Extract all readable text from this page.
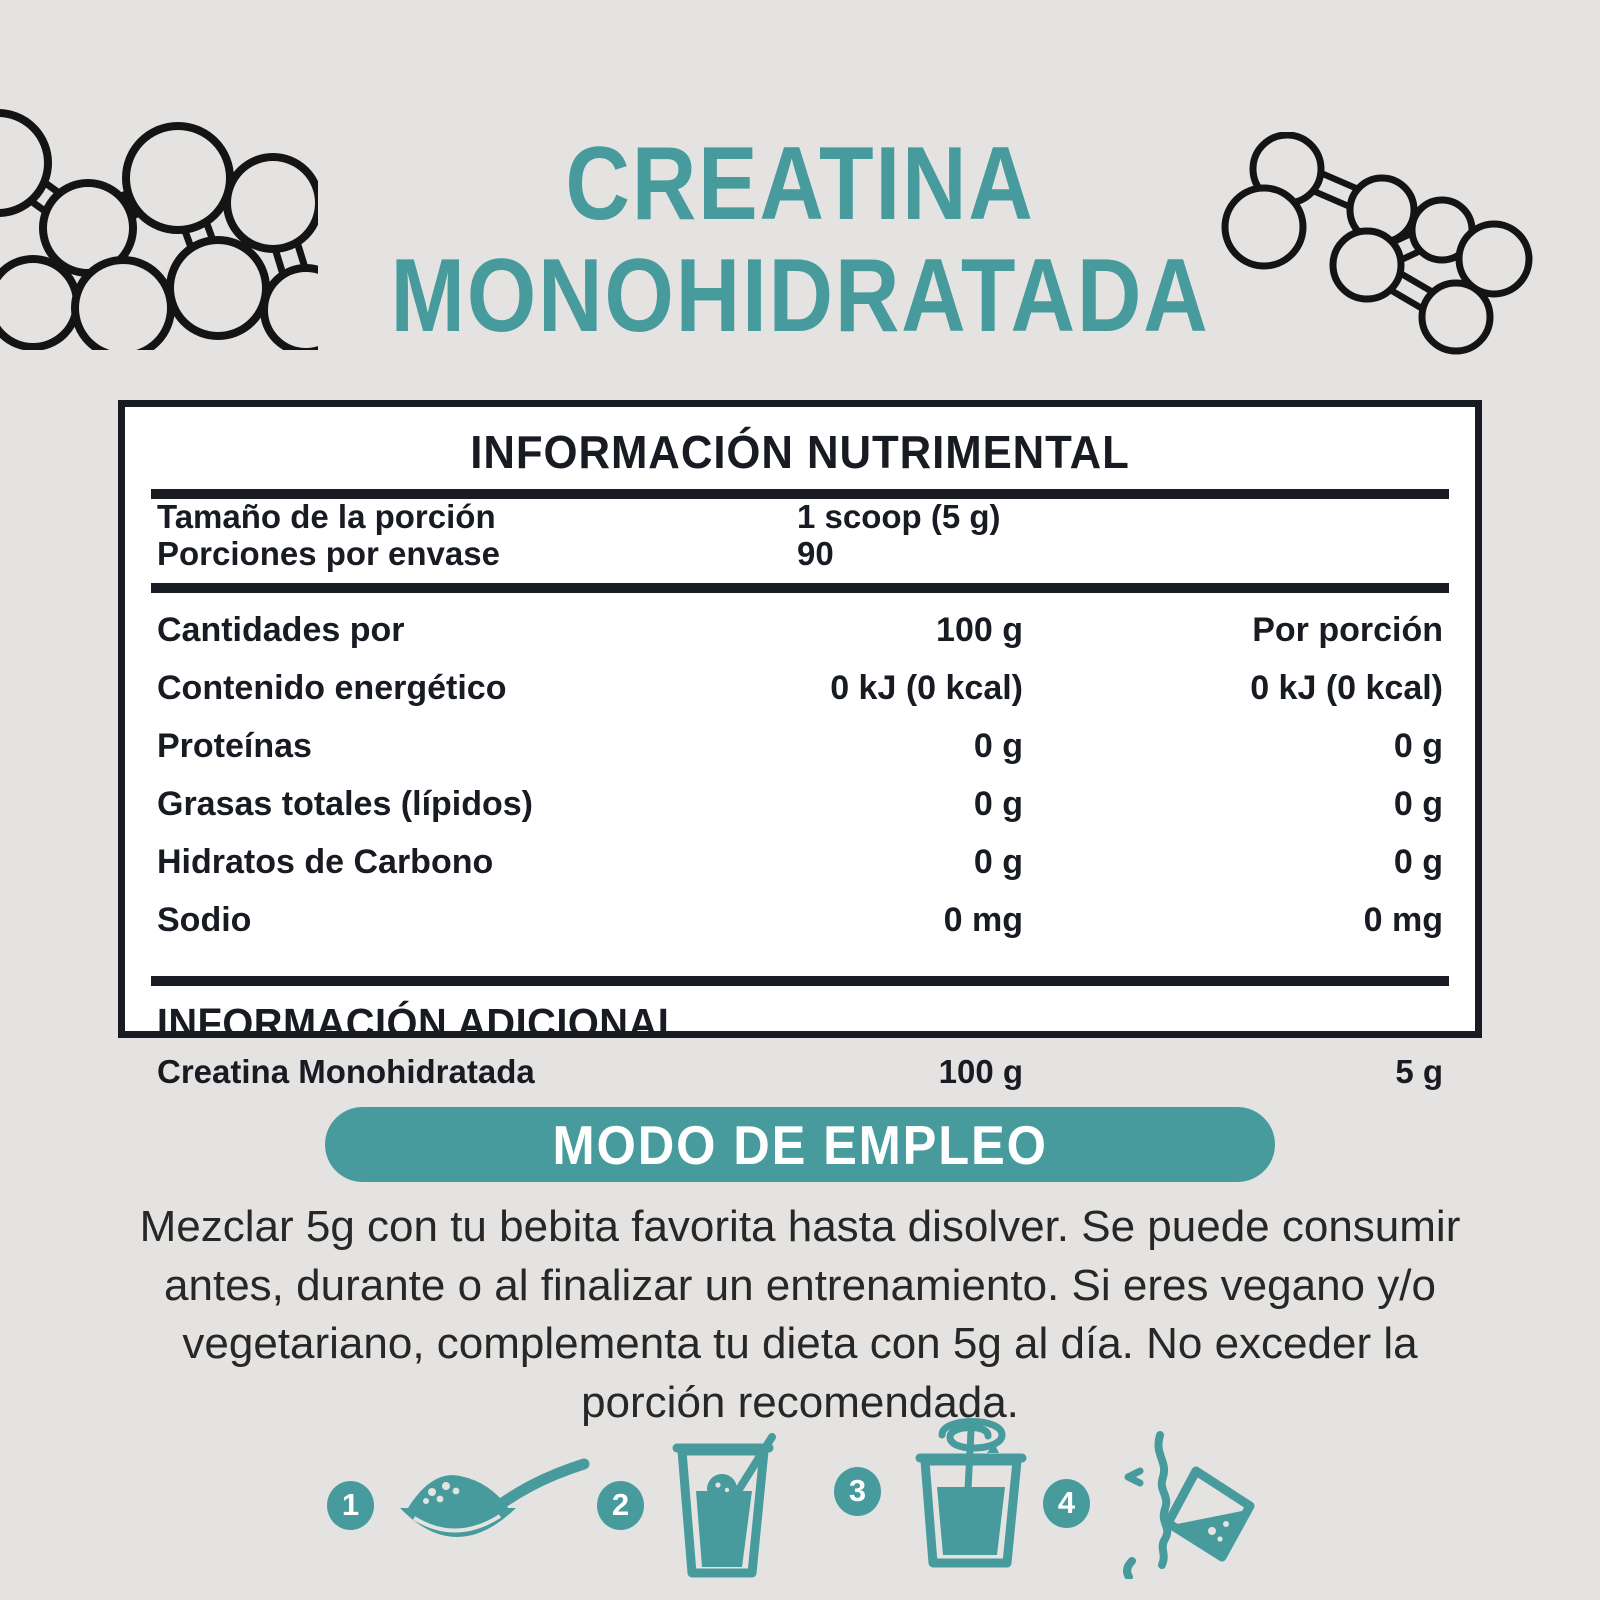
CREATINA
MONOHIDRATADA
INFORMACIÓN NUTRIMENTAL
Tamaño de la porción	1 scoop (5 g)
Porciones por envase	90
Cantidades por	100 g	Por porción
Contenido energético	0 kJ (0 kcal)	0 kJ (0 kcal)
Proteínas	0 g	0 g
Grasas totales (lípidos)	0 g	0 g
Hidratos de Carbono	0 g	0 g
Sodio	0 mg	0 mg
INFORMACIÓN ADICIONAL
Creatina Monohidratada	100 g	5 g
MODO DE EMPLEO

Mezclar 5g con tu bebita favorita hasta disolver. Se puede consumir antes, durante o al finalizar un entrenamiento. Si eres vegano y/o vegetariano, complementa tu dieta con 5g al día. No exceder la porción recomendada.

1	2	3	4
